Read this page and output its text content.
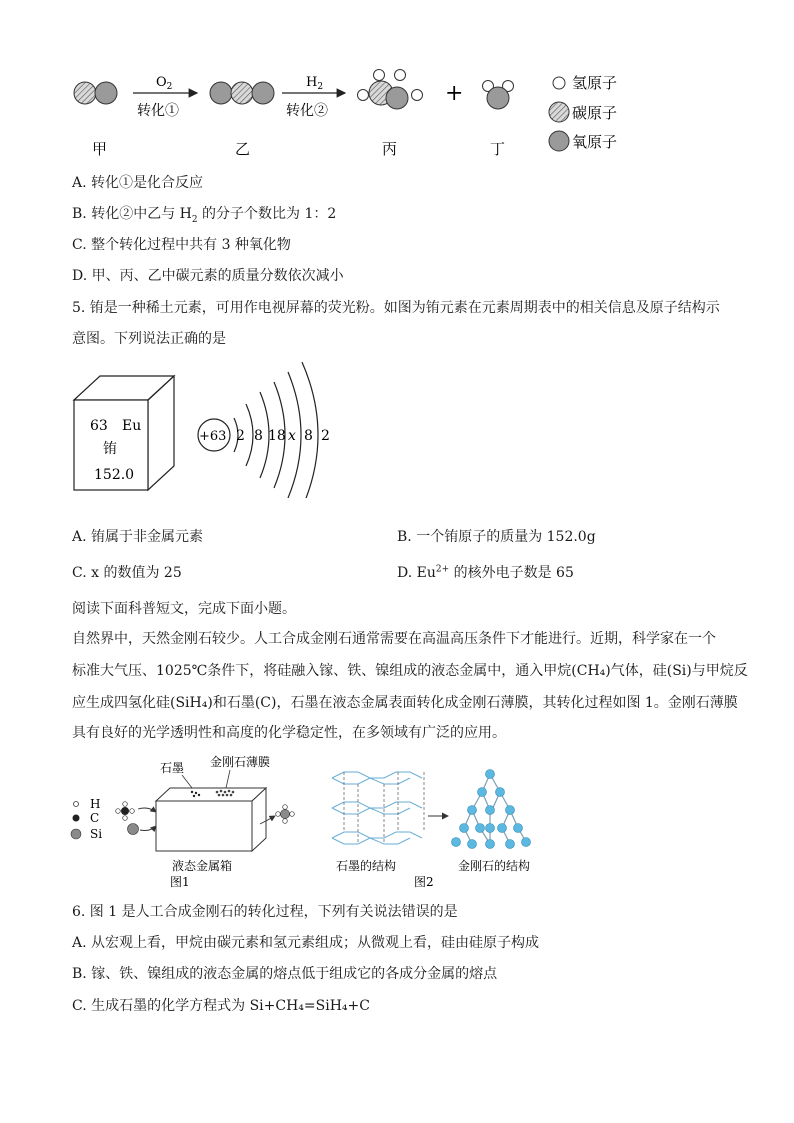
$O_2$
转化①
$H_2$
转化②
+	氢原子
碳原子
氧原子
甲	乙	丙	丁
A. 转化①是化合反应
B. 转化②中乙与 $H_2$ 的分子个数比为 1：2
C. 整个转化过程中共有 3 种氧化物
D. 甲、丙、乙中碳元素的质量分数依次减小
5. 铕是一种稀土元素，可用作电视屏幕的荧光粉。如图为铕元素在元素周期表中的相关信息及原子结构示
意图。下列说法正确的是
63 Eu
铕
152.0
+63 2 8 18 x 8 2
A. 铕属于非金属元素	B. 一个铕原子的质量为 152.0g
C. x 的数值为 25	D. $Eu^{2+}$ 的核外电子数是 65
阅读下面科普短文，完成下面小题。
自然界中，天然金刚石较少。人工合成金刚石通常需要在高温高压条件下才能进行。近期，科学家在一个
标准大气压、1025℃条件下，将硅融入镓、铁、镍组成的液态金属中，通入甲烷(CH₄)气体，硅(Si)与甲烷反
应生成四氢化硅(SiH₄)和石墨(C)，石墨在液态金属表面转化成金刚石薄膜，其转化过程如图 1。金刚石薄膜
具有良好的光学透明性和高度的化学稳定性，在多领域有广泛的应用。
石墨 金刚石薄膜
H
C
Si
液态金属箱
图1
石墨的结构
图2
金刚石的结构
6. 图 1 是人工合成金刚石的转化过程，下列有关说法错误的是
A. 从宏观上看，甲烷由碳元素和氢元素组成；从微观上看，硅由硅原子构成
B. 镓、铁、镍组成的液态金属的熔点低于组成它的各成分金属的熔点
C. 生成石墨的化学方程式为 Si+CH₄=SiH₄+C
